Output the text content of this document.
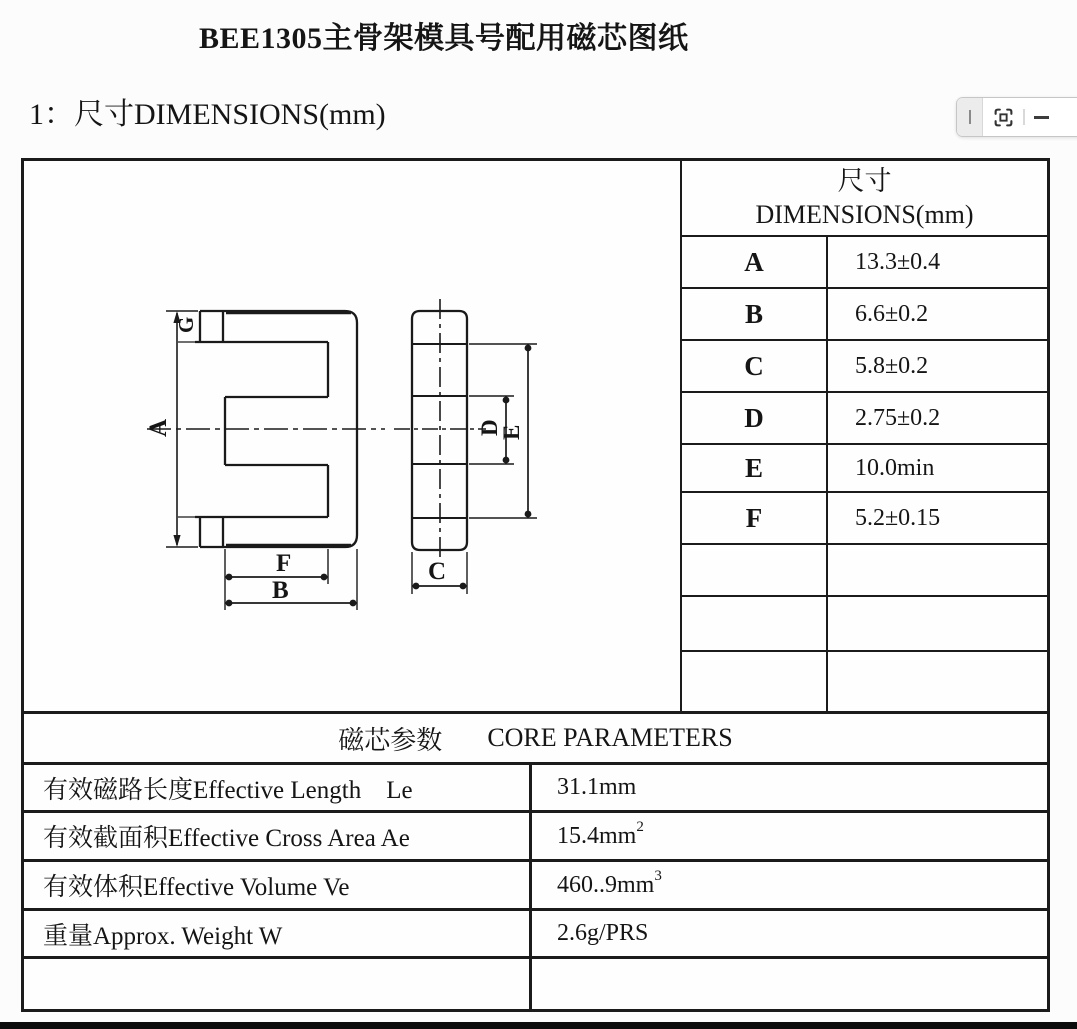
BEE1305主骨架模具号配用磁芯图纸
1：尺寸DIMENSIONS(mm)
A
G
F
B
D
E
C
尺寸
DIMENSIONS(mm)
A	13.3±0.4
B	6.6±0.2
C	5.8±0.2
D	2.75±0.2
E	10.0min
F	5.2±0.15
磁芯参数 CORE PARAMETERS
有效磁路长度Effective Length    Le	31.1mm
有效截面积Effective Cross Area Ae	$15.4mm^2$
有效体积Effective Volume Ve	$460..9mm^3$
重量Approx. Weight W	2.6g/PRS
